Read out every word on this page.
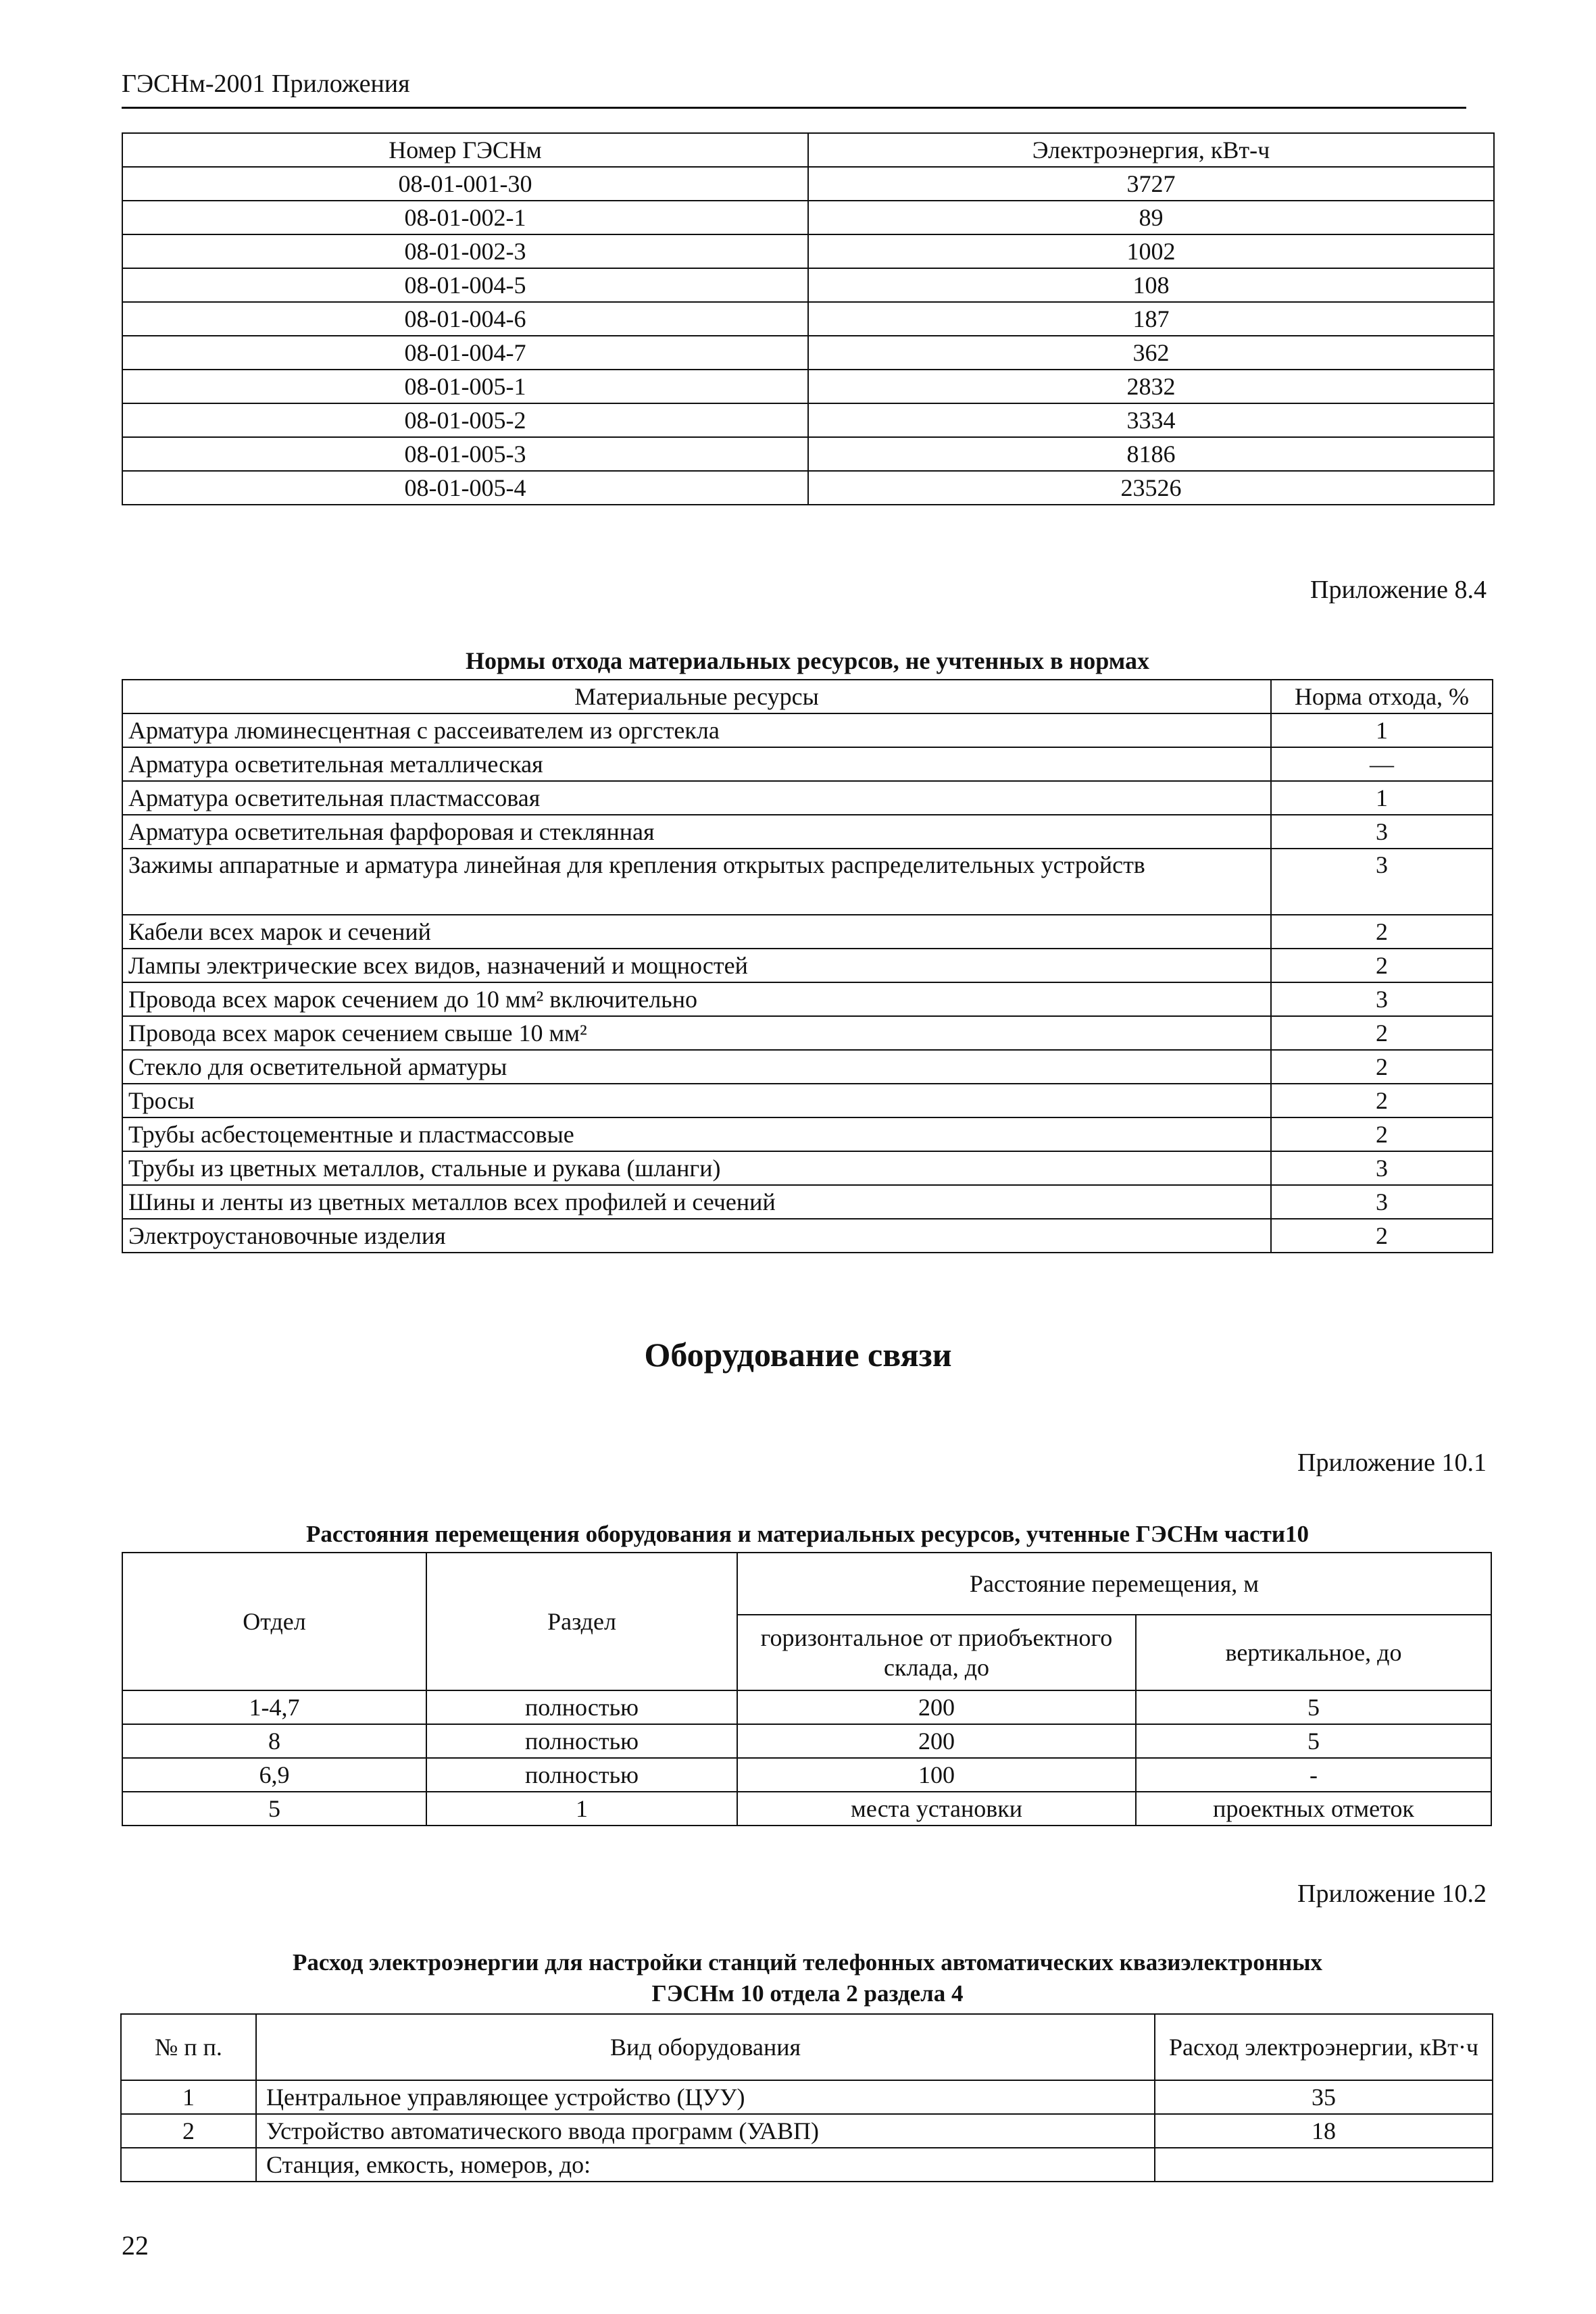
ГЭСНм-2001 Приложения
Номер ГЭСНм	Электроэнергия, кВт-ч
08-01-001-30	3727
08-01-002-1	89
08-01-002-3	1002
08-01-004-5	108
08-01-004-6	187
08-01-004-7	362
08-01-005-1	2832
08-01-005-2	3334
08-01-005-3	8186
08-01-005-4	23526
Приложение 8.4
Нормы отхода материальных ресурсов, не учтенных в нормах
Материальные ресурсы	Норма отхода, %
Арматура люминесцентная с рассеивателем из оргстекла	1
Арматура осветительная металлическая	—
Арматура осветительная пластмассовая	1
Арматура осветительная фарфоровая и стеклянная	3
Зажимы аппаратные и арматура линейная для крепления открытых распределительных устройств	3
Кабели всех марок и сечений	2
Лампы электрические всех видов, назначений и мощностей	2
Провода всех марок сечением до 10 мм² включительно	3
Провода всех марок сечением свыше 10 мм²	2
Стекло для осветительной арматуры	2
Тросы	2
Трубы асбестоцементные и пластмассовые	2
Трубы из цветных металлов, стальные и рукава (шланги)	3
Шины и ленты из цветных металлов всех профилей и сечений	3
Электроустановочные изделия	2
Оборудование связи
Приложение 10.1
Расстояния перемещения оборудования и материальных ресурсов, учтенные ГЭСНм части10
Отдел	Раздел	Расстояние перемещения, м	
		горизонтальное от приобъектного склада, до	вертикальное, до
1-4,7	полностью	200	5
8	полностью	200	5
6,9	полностью	100	-
5	1	места установки	проектных отметок
Приложение 10.2
Расход электроэнергии для настройки станций телефонных автоматических квазиэлектронных
ГЭСНм 10 отдела 2 раздела 4
№ п п.	Вид оборудования	Расход электроэнергии, кВт·ч
1	Центральное управляющее устройство (ЦУУ)	35
2	Устройство автоматического ввода программ (УАВП)	18
	Станция, емкость, номеров, до:	
22
